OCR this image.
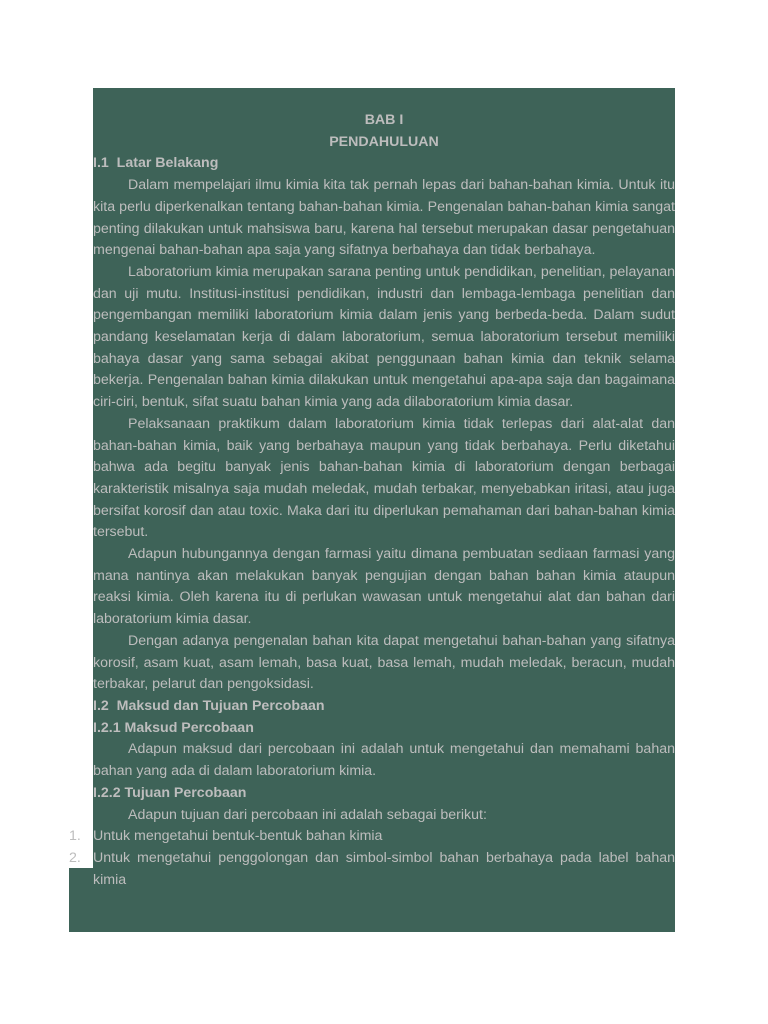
BAB I

PENDAHULUAN

I.1  Latar Belakang

Dalam mempelajari ilmu kimia kita tak pernah lepas dari bahan-bahan kimia. Untuk itu kita perlu diperkenalkan tentang bahan-bahan kimia. Pengenalan bahan-bahan kimia sangat penting dilakukan untuk mahsiswa baru, karena hal tersebut merupakan dasar pengetahuan mengenai bahan-bahan apa saja yang sifatnya berbahaya dan tidak berbahaya.

Laboratorium kimia merupakan sarana penting untuk pendidikan, penelitian, pelayanan dan uji mutu. Institusi-institusi pendidikan, industri dan lembaga-lembaga penelitian dan pengembangan memiliki laboratorium kimia dalam jenis yang berbeda-beda. Dalam sudut pandang keselamatan kerja di dalam laboratorium, semua laboratorium tersebut memiliki bahaya dasar yang sama sebagai akibat penggunaan bahan kimia dan teknik selama bekerja. Pengenalan bahan kimia dilakukan untuk mengetahui apa-apa saja dan bagaimana ciri-ciri, bentuk, sifat suatu bahan kimia yang ada dilaboratorium kimia dasar.

Pelaksanaan praktikum dalam laboratorium kimia tidak terlepas dari alat-alat dan bahan-bahan kimia, baik yang berbahaya maupun yang tidak berbahaya. Perlu diketahui bahwa ada begitu banyak jenis bahan-bahan kimia di laboratorium dengan berbagai karakteristik misalnya saja mudah meledak, mudah terbakar, menyebabkan iritasi, atau juga bersifat korosif dan atau toxic. Maka dari itu diperlukan pemahaman dari bahan-bahan kimia tersebut.

Adapun hubungannya dengan farmasi yaitu dimana pembuatan sediaan farmasi yang mana nantinya akan melakukan banyak pengujian dengan bahan bahan kimia ataupun reaksi kimia. Oleh karena itu di perlukan wawasan untuk mengetahui alat dan bahan dari laboratorium kimia dasar.

Dengan adanya pengenalan bahan kita dapat mengetahui bahan-bahan yang sifatnya korosif, asam kuat, asam lemah, basa kuat, basa lemah, mudah meledak, beracun, mudah terbakar, pelarut dan pengoksidasi.

I.2  Maksud dan Tujuan Percobaan

I.2.1 Maksud Percobaan

Adapun maksud dari percobaan ini adalah untuk mengetahui dan memahami bahan bahan yang ada di dalam laboratorium kimia.

I.2.2 Tujuan Percobaan

Adapun tujuan dari percobaan ini adalah sebagai berikut:

1. Untuk mengetahui bentuk-bentuk bahan kimia
2. Untuk mengetahui penggolongan dan simbol-simbol bahan berbahaya pada label bahan kimia
